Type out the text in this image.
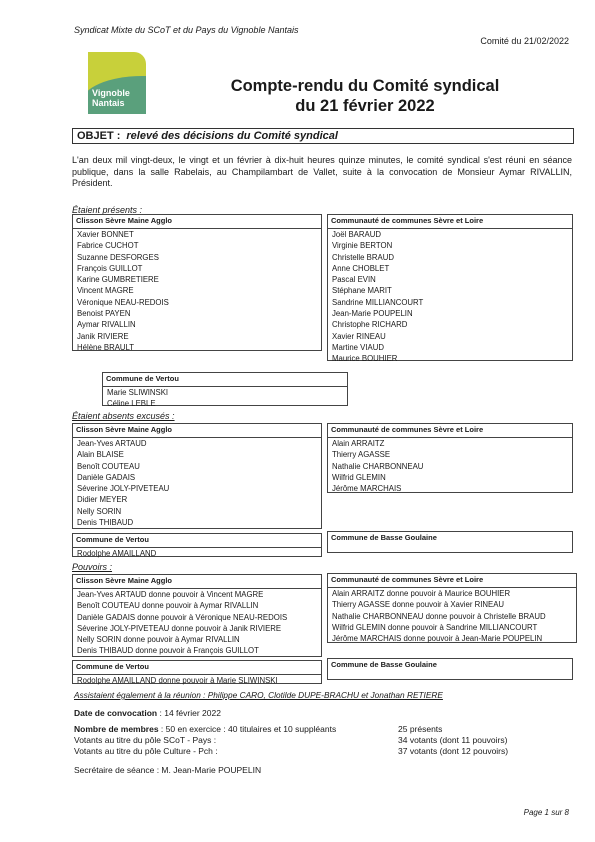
Syndicat Mixte du SCoT et du Pays du Vignoble Nantais
Comité du 21/02/2022
Vignoble
Nantais
Compte-rendu du Comité syndical
du 21 février 2022
OBJET : relevé des décisions du Comité syndical
L'an deux mil vingt-deux, le vingt et un février à dix-huit heures quinze minutes, le comité syndical s'est réuni en séance publique, dans la salle Rabelais, au Champilambart de Vallet, suite à la convocation de Monsieur Aymar RIVALLIN, Président.
Étaient présents :
Clisson Sèvre Maine Agglo
Xavier BONNET
Fabrice CUCHOT
Suzanne DESFORGES
François GUILLOT
Karine GUMBRETIERE
Vincent MAGRE
Véronique NEAU-REDOIS
Benoist PAYEN
Aymar RIVALLIN
Janik RIVIERE
Hélène BRAULT
Communauté de communes Sèvre et Loire
Joël BARAUD
Virginie BERTON
Christelle BRAUD
Anne CHOBLET
Pascal EVIN
Stéphane MARIT
Sandrine MILLIANCOURT
Jean-Marie POUPELIN
Christophe RICHARD
Xavier RINEAU
Martine VIAUD
Maurice BOUHIER
Commune de Vertou
Marie SLIWINSKI
Céline LEBLE
Étaient absents excusés :
Clisson Sèvre Maine Agglo
Jean-Yves ARTAUD
Alain BLAISE
Benoît COUTEAU
Danièle GADAIS
Séverine JOLY-PIVETEAU
Didier MEYER
Nelly SORIN
Denis THIBAUD
Communauté de communes Sèvre et Loire
Alain ARRAITZ
Thierry AGASSE
Nathalie CHARBONNEAU
Wilfrid GLEMIN
Jérôme MARCHAIS
Commune de Vertou
Rodolphe AMAILLAND
Commune de Basse Goulaine
Pouvoirs :
Clisson Sèvre Maine Agglo
Jean-Yves ARTAUD donne pouvoir à Vincent MAGRE
Benoît COUTEAU donne pouvoir à Aymar RIVALLIN
Danièle GADAIS donne pouvoir à Véronique NEAU-REDOIS
Séverine JOLY-PIVETEAU donne pouvoir à Janik RIVIERE
Nelly SORIN donne pouvoir à Aymar RIVALLIN
Denis THIBAUD donne pouvoir à François GUILLOT
Communauté de communes Sèvre et Loire
Alain ARRAITZ donne pouvoir à Maurice BOUHIER
Thierry AGASSE donne pouvoir à Xavier RINEAU
Nathalie CHARBONNEAU donne pouvoir à Christelle BRAUD
Wilfrid GLEMIN donne pouvoir à Sandrine MILLIANCOURT
Jérôme MARCHAIS donne pouvoir à Jean-Marie POUPELIN
Commune de Vertou
Rodolphe AMAILLAND donne pouvoir à Marie SLIWINSKI
Commune de Basse Goulaine
Assistaient également à la réunion : Philippe CARO, Clotilde DUPE-BRACHU et Jonathan RETIERE
Date de convocation : 14 février 2022
Nombre de membres : 50 en exercice : 40 titulaires et 10 suppléants
Votants au titre du pôle SCoT - Pays :
Votants au titre du pôle Culture - Pch :
25 présents
34 votants (dont 11 pouvoirs)
37 votants (dont 12 pouvoirs)
Secrétaire de séance : M. Jean-Marie POUPELIN
Page 1 sur 8
